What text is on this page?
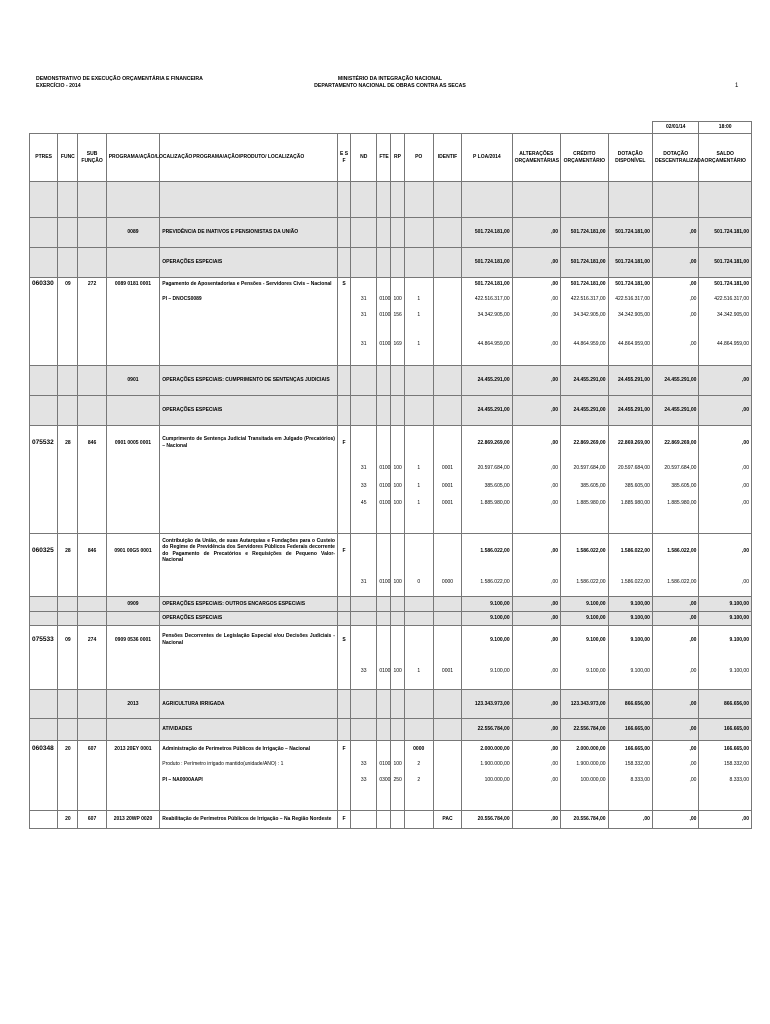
DEMONSTRATIVO DE EXECUÇÃO ORÇAMENTÁRIA E FINANCEIRA
EXERCÍCIO - 2014
MINISTÉRIO DA INTEGRAÇÃO NACIONAL
DEPARTAMENTO NACIONAL DE OBRAS CONTRA AS SECAS	1
															02/01/14	18:00
PTRES	FUNC	SUB FUNÇÃO	PROGRAMA/AÇÃO/LOCALIZAÇÃO	PROGRAMA/AÇÃO/PRODUTO/ LOCALIZAÇÃO	E S F	ND	FTE	RP	PO	IDENTIF	P LOA/2014	ALTERAÇÕES ORÇAMENTÁRIAS	CRÉDITO ORÇAMENTÁRIO	DOTAÇÃO DISPONÍVEL	DOTAÇÃO DESCENTRALIZADA	SALDO ORÇAMENTÁRIO

			0089	PREVIDÊNCIA DE INATIVOS E PENSIONISTAS DA UNIÃO							501.724.181,00	,00	501.724.181,00	501.724.181,00	,00	501.724.181,00
				OPERAÇÕES ESPECIAIS							501.724.181,00	,00	501.724.181,00	501.724.181,00	,00	501.724.181,00
060330	09	272	0089 0181 0001	Pagamento de Aposentadorias e Pensões - Servidores Civis – Nacional	S						501.724.181,00	,00	501.724.181,00	501.724.181,00	,00	501.724.181,00
				PI – DNOCS0089		31	0100	100	1		422.516.317,00	,00	422.516.317,00	422.516.317,00	,00	422.516.317,00
						31	0100	156	1		34.342.905,00	,00	34.342.905,00	34.342.905,00	,00	34.342.905,00
						31	0100	169	1		44.864.959,00	,00	44.864.959,00	44.864.959,00	,00	44.864.959,00
			0901	OPERAÇÕES ESPECIAIS: CUMPRIMENTO DE SENTENÇAS JUDICIAIS							24.455.291,00	,00	24.455.291,00	24.455.291,00	24.455.291,00	,00
				OPERAÇÕES ESPECIAIS							24.455.291,00	,00	24.455.291,00	24.455.291,00	24.455.291,00	,00
075532	28	846	0901 0005 0001	Cumprimento de Sentença Judicial Transitada em Julgado (Precatórios) – Nacional	F						22.869.269,00	,00	22.869.269,00	22.869.269,00	22.869.269,00	,00
						31	0100	100	1	0001	20.597.684,00	,00	20.597.684,00	20.597.684,00	20.597.684,00	,00
						33	0100	100	1	0001	385.605,00	,00	385.605,00	385.605,00	385.605,00	,00
						45	0100	100	1	0001	1.885.980,00	,00	1.885.980,00	1.885.980,00	1.885.980,00	,00
060325	28	846	0901 00G5 0001	Contribuição da União, de suas Autarquias e Fundações para o Custeio do Regime de Previdência dos Servidores Públicos Federais decorrente do Pagamento de Precatórios e Requisições de Pequeno Valor- Nacional	F						1.586.022,00	,00	1.586.022,00	1.586.022,00	1.586.022,00	,00
						31	0100	100	0	0000	1.586.022,00	,00	1.586.022,00	1.586.022,00	1.586.022,00	,00
			0909	OPERAÇÕES ESPECIAIS: OUTROS ENCARGOS ESPECIAIS							9.100,00	,00	9.100,00	9.100,00	,00	9.100,00
				OPERAÇÕES ESPECIAIS							9.100,00	,00	9.100,00	9.100,00	,00	9.100,00
075533	09	274	0909 0536 0001	Pensões Decorrentes de Legislação Especial e/ou Decisões Judiciais -Nacional	S						9.100,00	,00	9.100,00	9.100,00	,00	9.100,00
						33	0100	100	1	0001	9.100,00	,00	9.100,00	9.100,00	,00	9.100,00
			2013	AGRICULTURA IRRIGADA							123.343.973,00	,00	123.343.973,00	866.656,00	,00	866.656,00
				ATIVIDADES							22.556.784,00	,00	22.556.784,00	166.665,00	,00	166.665,00
060348	20	607	2013 20EY 0001	Administração de Perímetros Públicos de Irrigação – Nacional	F				0000		2.000.000,00	,00	2.000.000,00	166.665,00	,00	166.665,00
				Produto : Perímetro irrigado mantido(unidade/ANO) : 1		33	0100	100	2		1.900.000,00	,00	1.900.000,00	158.332,00	,00	158.332,00
				PI – NA0000AAPI		33	0300	250	2		100.000,00	,00	100.000,00	8.333,00	,00	8.333,00
	20	607	2013 20WP 0020	Reabilitação de Perímetros Públicos de Irrigação – Na Região Nordeste	F					PAC	20.556.784,00	,00	20.556.784,00	,00	,00	,00
